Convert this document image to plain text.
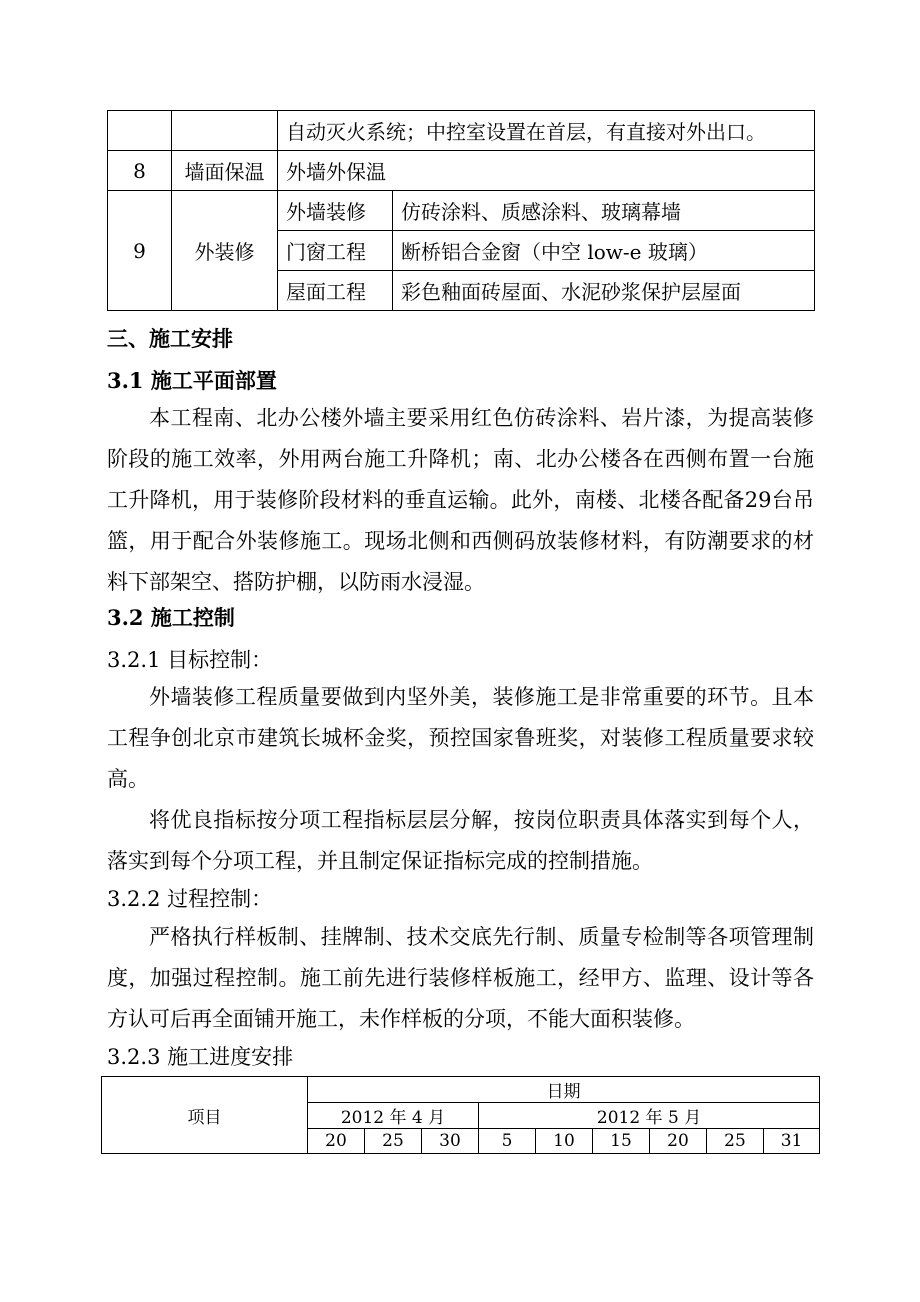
		自动灭火系统；中控室设置在首层，有直接对外出口。	
8	墙面保温	外墙外保温	
9	外装修	外墙装修	仿砖涂料、质感涂料、玻璃幕墙
		门窗工程	断桥铝合金窗（中空 low-e 玻璃）
		屋面工程	彩色釉面砖屋面、水泥砂浆保护层屋面
三、施工安排
3.1 施工平面部置
本工程南、北办公楼外墙主要采用红色仿砖涂料、岩片漆，为提高装修阶段的施工效率，外用两台施工升降机；南、北办公楼各在西侧布置一台施工升降机，用于装修阶段材料的垂直运输。此外，南楼、北楼各配备29台吊篮，用于配合外装修施工。现场北侧和西侧码放装修材料，有防潮要求的材料下部架空、搭防护棚，以防雨水浸湿。
3.2 施工控制
3.2.1 目标控制：
外墙装修工程质量要做到内坚外美，装修施工是非常重要的环节。且本工程争创北京市建筑长城杯金奖，预控国家鲁班奖，对装修工程质量要求较高。
将优良指标按分项工程指标层层分解，按岗位职责具体落实到每个人，落实到每个分项工程，并且制定保证指标完成的控制措施。
3.2.2 过程控制：
严格执行样板制、挂牌制、技术交底先行制、质量专检制等各项管理制度，加强过程控制。施工前先进行装修样板施工，经甲方、监理、设计等各方认可后再全面铺开施工，未作样板的分项，不能大面积装修。
3.2.3 施工进度安排
项目	日期								
	2012 年 4 月			2012 年 5 月					
	20	25	30	5	10	15	20	25	31
